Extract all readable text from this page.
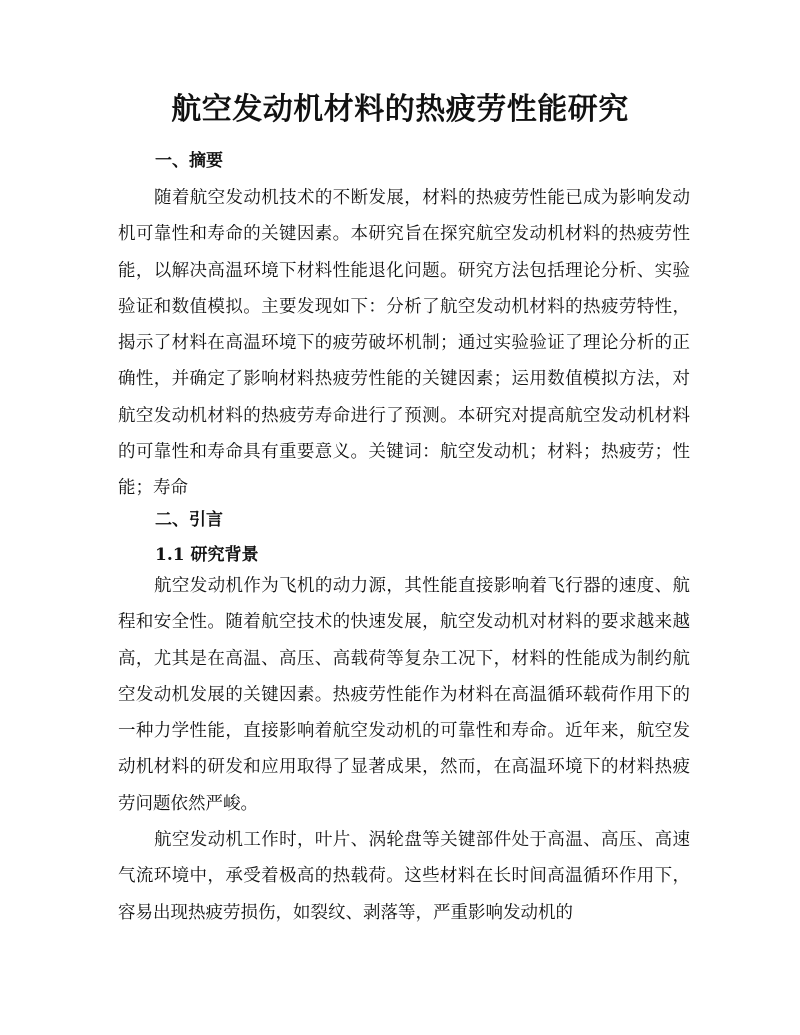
航空发动机材料的热疲劳性能研究
一、摘要

随着航空发动机技术的不断发展，材料的热疲劳性能已成为影响发动机可靠性和寿命的关键因素。本研究旨在探究航空发动机材料的热疲劳性能，以解决高温环境下材料性能退化问题。研究方法包括理论分析、实验验证和数值模拟。主要发现如下：分析了航空发动机材料的热疲劳特性，揭示了材料在高温环境下的疲劳破坏机制；通过实验验证了理论分析的正确性，并确定了影响材料热疲劳性能的关键因素；运用数值模拟方法，对航空发动机材料的热疲劳寿命进行了预测。本研究对提高航空发动机材料的可靠性和寿命具有重要意义。关键词：航空发动机；材料；热疲劳；性能；寿命

二、引言
1.1 研究背景

航空发动机作为飞机的动力源，其性能直接影响着飞行器的速度、航程和安全性。随着航空技术的快速发展，航空发动机对材料的要求越来越高，尤其是在高温、高压、高载荷等复杂工况下，材料的性能成为制约航空发动机发展的关键因素。热疲劳性能作为材料在高温循环载荷作用下的一种力学性能，直接影响着航空发动机的可靠性和寿命。近年来，航空发动机材料的研发和应用取得了显著成果，然而，在高温环境下的材料热疲劳问题依然严峻。

航空发动机工作时，叶片、涡轮盘等关键部件处于高温、高压、高速气流环境中，承受着极高的热载荷。这些材料在长时间高温循环作用下，容易出现热疲劳损伤，如裂纹、剥落等，严重影响发动机的
